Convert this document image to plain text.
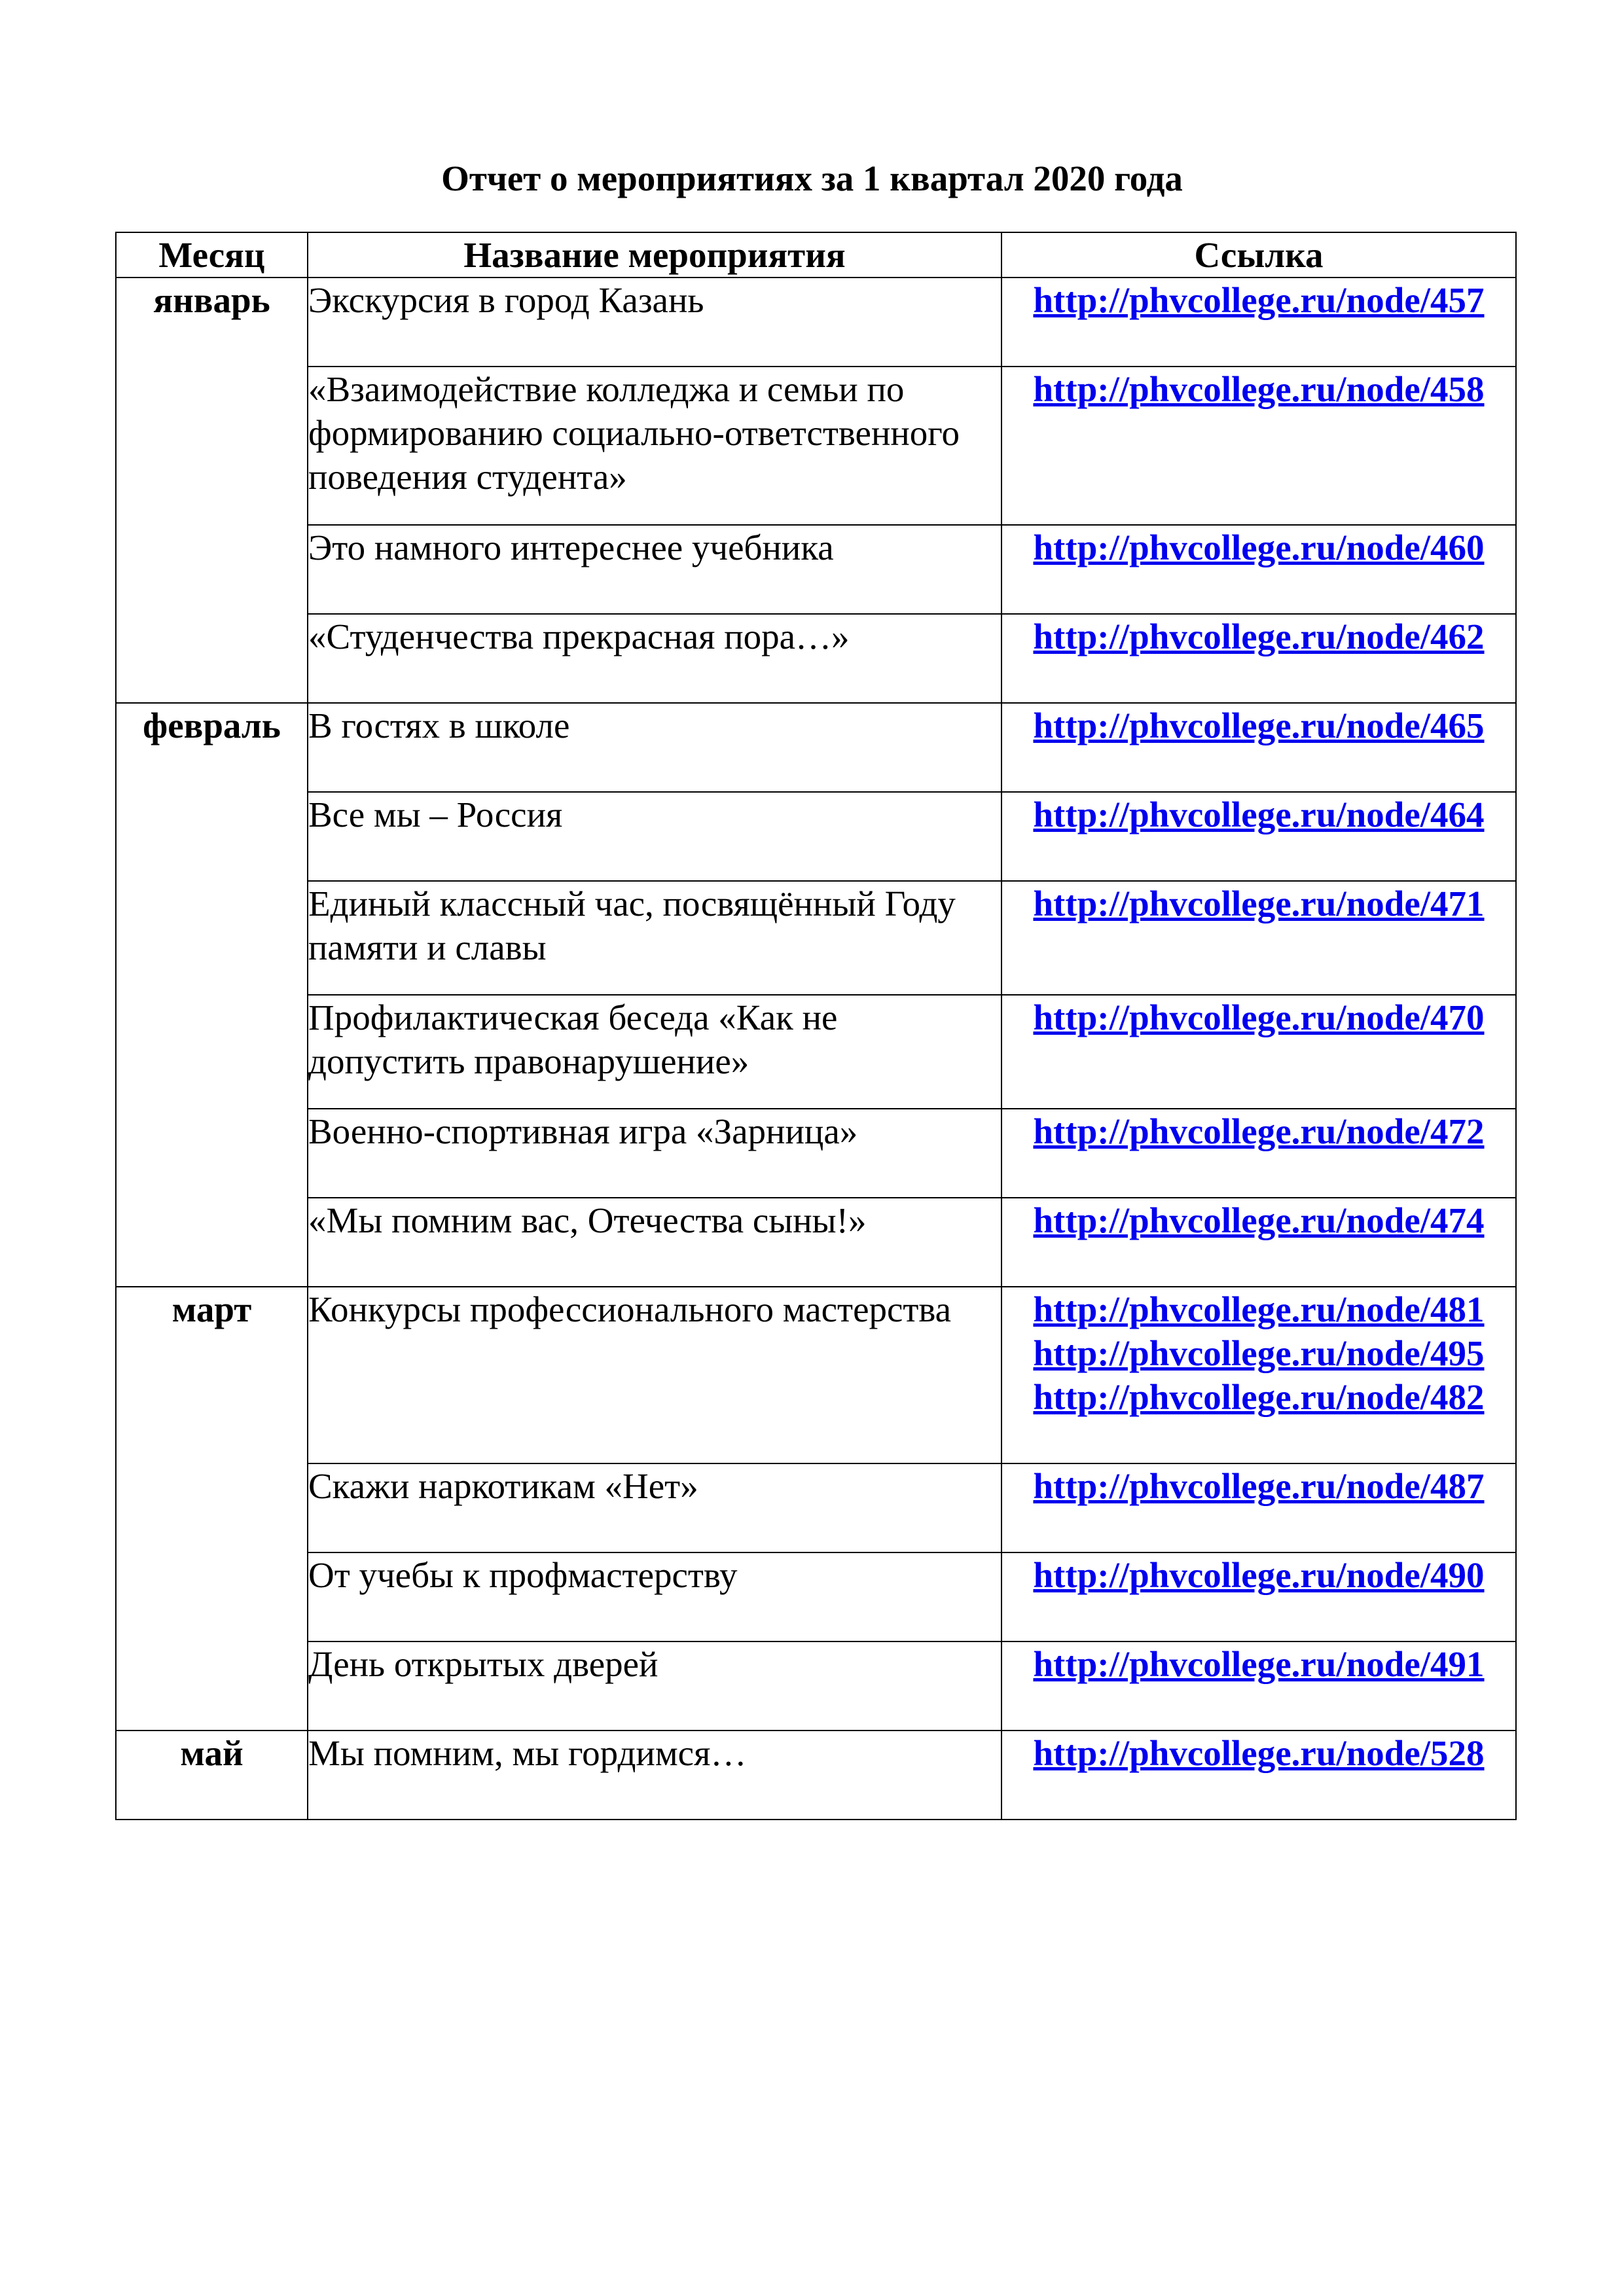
Отчет о мероприятиях за 1 квартал 2020 года
Месяц	Название мероприятия	Ссылка
январь	Экскурсия в город Казань	http://phvcollege.ru/node/457

	«Взаимодействие колледжа и семьи по формированию социально-ответственного поведения студента»	http://phvcollege.ru/node/458

	Это намного интереснее учебника	http://phvcollege.ru/node/460

	«Студенчества прекрасная пора…»	http://phvcollege.ru/node/462

февраль	В гостях в школе	http://phvcollege.ru/node/465

	Все мы – Россия	http://phvcollege.ru/node/464

	Единый классный час, посвящённый Году памяти и славы	http://phvcollege.ru/node/471

	Профилактическая беседа «Как не допустить правонарушение»	http://phvcollege.ru/node/470

	Военно-спортивная игра «Зарница»	http://phvcollege.ru/node/472

	«Мы помним вас, Отечества сыны!»	http://phvcollege.ru/node/474

март	Конкурсы профессионального мастерства	http://phvcollege.ru/node/481
http://phvcollege.ru/node/495
http://phvcollege.ru/node/482

	Скажи наркотикам «Нет»	http://phvcollege.ru/node/487

	От учебы к профмастерству	http://phvcollege.ru/node/490

	День открытых дверей	http://phvcollege.ru/node/491

май	Мы помним, мы гордимся…	http://phvcollege.ru/node/528
